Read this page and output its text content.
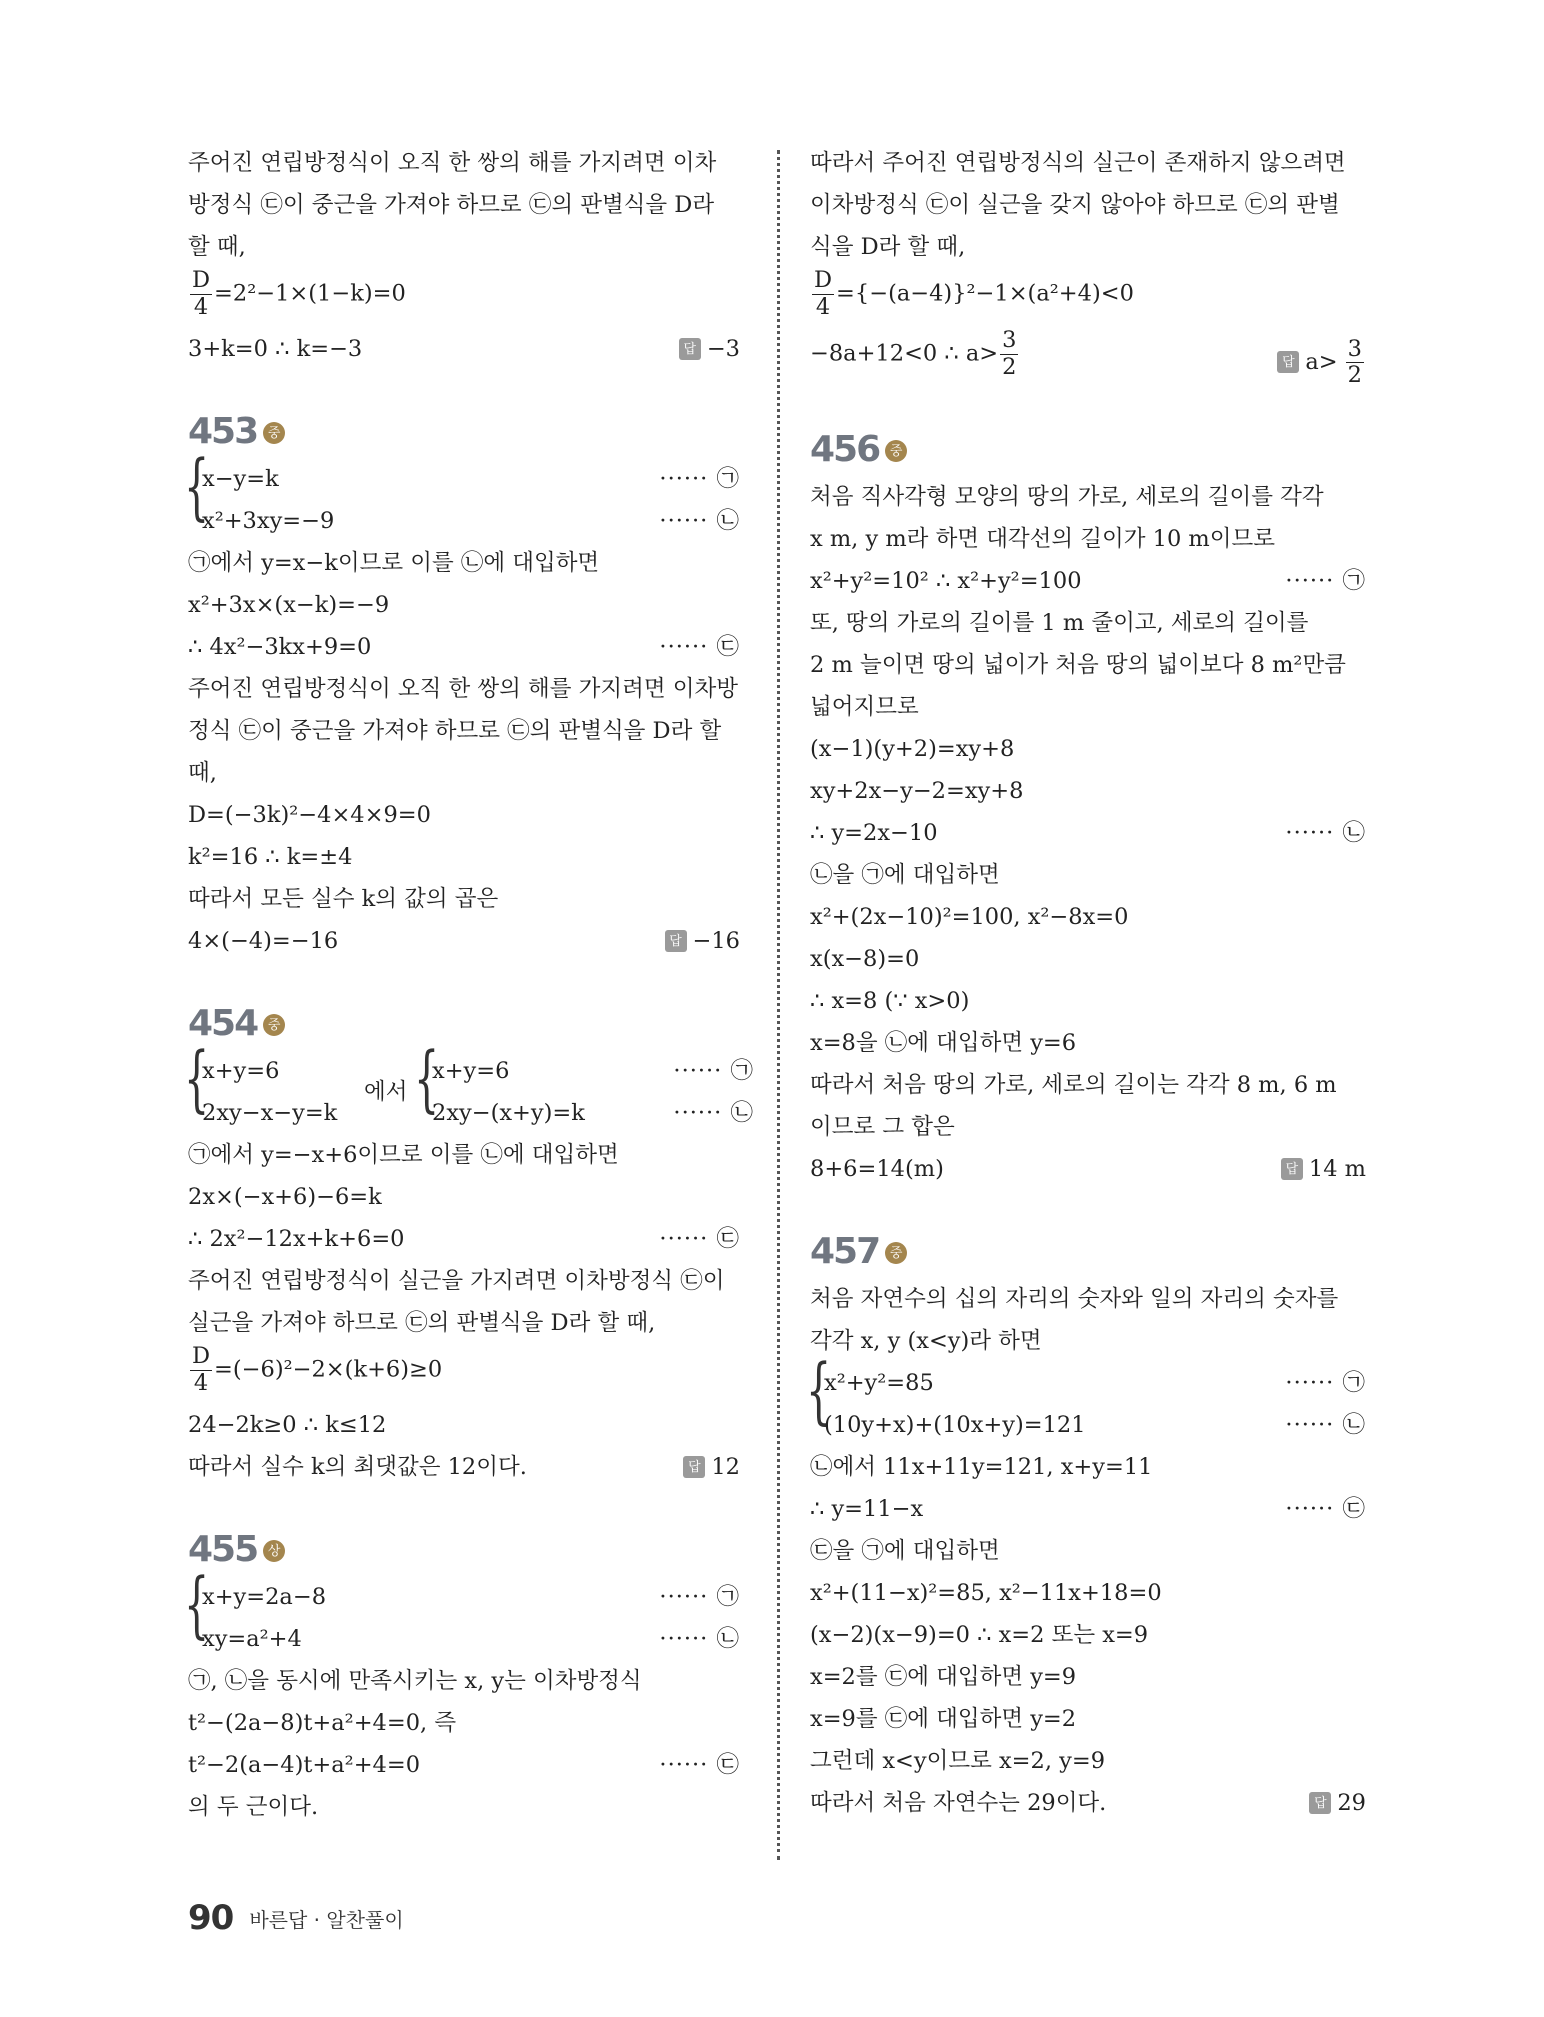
주어진 연립방정식이 오직 한 쌍의 해를 가지려면 이차
방정식 ㉢이 중근을 가져야 하므로 ㉢의 판별식을 D라
할 때,
$\frac{D}{4} =2^2-1\times(1-k)=0$
3+k=0 ∴ k=−3	답 −3
453 중
{ x−y=k	······ ㉠
x²+3xy=−9	······ ㉡
㉠에서 y=x−k이므로 이를 ㉡에 대입하면
x²+3x×(x−k)=−9
∴ 4x²−3kx+9=0	······ ㉢
주어진 연립방정식이 오직 한 쌍의 해를 가지려면 이차방
정식 ㉢이 중근을 가져야 하므로 ㉢의 판별식을 D라 할
때,
D=(−3k)²−4×4×9=0
k²=16 ∴ k=±4
따라서 모든 실수 k의 값의 곱은
4×(−4)=−16	답 −16
454 중
{ x+y=6
2xy−x−y=k
에서
{ x+y=6	······ ㉠
2xy−(x+y)=k	······ ㉡
㉠에서 y=−x+6이므로 이를 ㉡에 대입하면
2x×(−x+6)−6=k
∴ 2x²−12x+k+6=0	······ ㉢
주어진 연립방정식이 실근을 가지려면 이차방정식 ㉢이
실근을 가져야 하므로 ㉢의 판별식을 D라 할 때,
$\frac{D}{4} =(-6)^2-2\times(k+6)\ge 0$
24−2k≥0 ∴ k≤12
따라서 실수 k의 최댓값은 12이다.	답 12
455 상
{ x+y=2a−8	······ ㉠
xy=a²+4	······ ㉡
㉠, ㉡을 동시에 만족시키는 x, y는 이차방정식
t²−(2a−8)t+a²+4=0, 즉
t²−2(a−4)t+a²+4=0	······ ㉢
의 두 근이다.
따라서 주어진 연립방정식의 실근이 존재하지 않으려면
이차방정식 ㉢이 실근을 갖지 않아야 하므로 ㉢의 판별
식을 D라 할 때,
$\frac{D}{4} =\{-(a-4)\}^2-1\times(a^2+4)<0$
−8a+12<0 ∴ $a> \frac{3}{2}$	답 a>
3
2
456 중
처음 직사각형 모양의 땅의 가로, 세로의 길이를 각각
x m, y m라 하면 대각선의 길이가 10 m이므로
x²+y²=10² ∴ x²+y²=100	······ ㉠
또, 땅의 가로의 길이를 1 m 줄이고, 세로의 길이를
2 m 늘이면 땅의 넓이가 처음 땅의 넓이보다 8 m²만큼
넓어지므로
(x−1)(y+2)=xy+8
xy+2x−y−2=xy+8
∴ y=2x−10	······ ㉡
㉡을 ㉠에 대입하면
x²+(2x−10)²=100, x²−8x=0
x(x−8)=0
∴ x=8 (∵ x>0)
x=8을 ㉡에 대입하면 y=6
따라서 처음 땅의 가로, 세로의 길이는 각각 8 m, 6 m
이므로 그 합은
8+6=14(m)	답 14 m
457 중
처음 자연수의 십의 자리의 숫자와 일의 자리의 숫자를
각각 x, y (x<y)라 하면
{ x²+y²=85	······ ㉠
(10y+x)+(10x+y)=121	······ ㉡
㉡에서 11x+11y=121, x+y=11
∴ y=11−x	······ ㉢
㉢을 ㉠에 대입하면
x²+(11−x)²=85, x²−11x+18=0
(x−2)(x−9)=0 ∴ x=2 또는 x=9
x=2를 ㉢에 대입하면 y=9
x=9를 ㉢에 대입하면 y=2
그런데 x<y이므로 x=2, y=9
따라서 처음 자연수는 29이다.	답 29
90 바른답 · 알찬풀이
